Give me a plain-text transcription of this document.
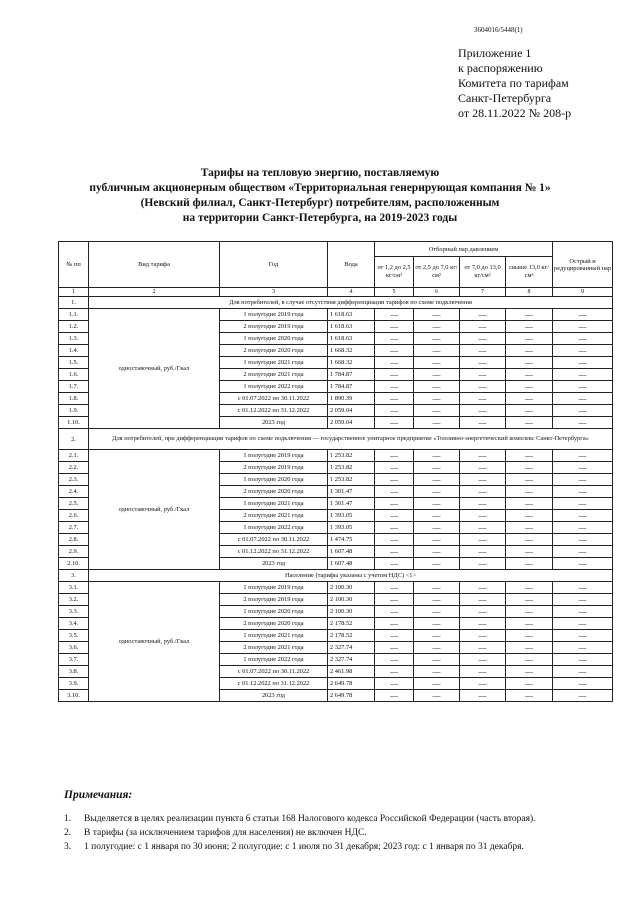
3604016/5448(1)
Приложение 1
к распоряжению
Комитета по тарифам
Санкт-Петербурга
от 28.11.2022 № 208-р
Тарифы на тепловую энергию, поставляемую
публичным акционерным обществом «Территориальная генерирующая компания № 1»
(Невский филиал, Санкт-Петербург) потребителям, расположенным
на территории Санкт-Петербурга, на 2019-2023 годы
№ пп	Вид тарифа	Год	Вода	Отборный пар давлением				Острый и редуцированный пар
				от 1,2 до 2,5 кг/см²	от 2,5 до 7,0 кг/см²	от 7,0 до 13,0 кг/см²	свыше 13,0 кг/см²	
1	2	3	4	5	6	7	8	9
1.	Для потребителей, в случае отсутствия дифференциации тарифов по схеме подключения							
1.1.	одноставочный, руб./Гкал	1 полугодие 2019 года	1 618.63	—	—	—	—	—
1.2.		2 полугодие 2019 года	1 618.63	—	—	—	—	—
1.3.		1 полугодие 2020 года	1 618.63	—	—	—	—	—
1.4.		2 полугодие 2020 года	1 668.32	—	—	—	—	—
1.5.		1 полугодие 2021 года	1 668.32	—	—	—	—	—
1.6.		2 полугодие 2021 года	1 784.87	—	—	—	—	—
1.7.		1 полугодие 2022 года	1 784.87	—	—	—	—	—
1.8.		с 01.07.2022 по 30.11.2022	1 890.39	—	—	—	—	—
1.9.		с 01.12.2022 по 31.12.2022	2 059.04	—	—	—	—	—
1.10.		2023 год	2 059.04	—	—	—	—	—
2.	Для потребителей, при дифференциации тарифов по схеме подключения — государственное унитарное предприятие «Топливно-энергетический комплекс Санкт-Петербурга»							
2.1.	одноставочный, руб./Гкал	1 полугодие 2019 года	1 253.82	—	—	—	—	—
2.2.		2 полугодие 2019 года	1 253.82	—	—	—	—	—
2.3.		1 полугодие 2020 года	1 253.82	—	—	—	—	—
2.4.		2 полугодие 2020 года	1 301.47	—	—	—	—	—
2.5.		1 полугодие 2021 года	1 301.47	—	—	—	—	—
2.6.		2 полугодие 2021 года	1 393.05	—	—	—	—	—
2.7.		1 полугодие 2022 года	1 393.05	—	—	—	—	—
2.8.		с 01.07.2022 по 30.11.2022	1 474.75	—	—	—	—	—
2.9.		с 01.12.2022 по 31.12.2022	1 607.48	—	—	—	—	—
2.10.		2023 год	1 607.48	—	—	—	—	—
3.	Население (тарифы указаны с учетом НДС) <1>							
3.1.	одноставочный, руб./Гкал	1 полугодие 2019 года	2 100.30	—	—	—	—	—
3.2.		2 полугодие 2019 года	2 100.30	—	—	—	—	—
3.3.		1 полугодие 2020 года	2 100.30	—	—	—	—	—
3.4.		2 полугодие 2020 года	2 178.52	—	—	—	—	—
3.5.		1 полугодие 2021 года	2 178.52	—	—	—	—	—
3.6.		2 полугодие 2021 года	2 327.74	—	—	—	—	—
3.7.		1 полугодие 2022 года	2 327.74	—	—	—	—	—
3.8.		с 01.07.2022 по 30.11.2022	2 461.98	—	—	—	—	—
3.9.		с 01.12.2022 по 31.12.2022	2 649.78	—	—	—	—	—
3.10.		2023 год	2 649.78	—	—	—	—	—
Примечания:
1. Выделяется в целях реализации пункта 6 статьи 168 Налогового кодекса Российской Федерации (часть вторая).
2. В тарифы (за исключением тарифов для населения) не включен НДС.
3. 1 полугодие: с 1 января по 30 июня; 2 полугодие: с 1 июля по 31 декабря; 2023 год: с 1 января по 31 декабря.
